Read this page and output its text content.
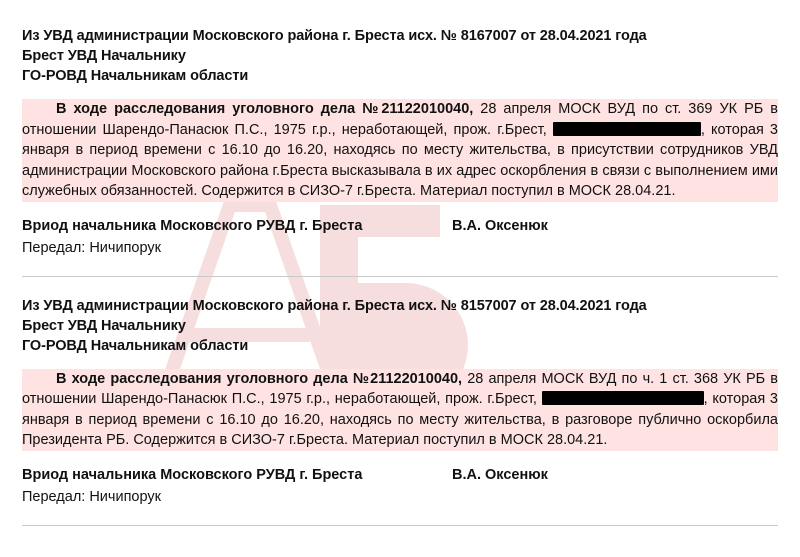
Из УВД администрации Московского района г. Бреста исх. № 8167007 от 28.04.2021 года
Брест УВД Начальнику
ГО-РОВД Начальникам области
В ходе расследования уголовного дела №21122010040, 28 апреля МОСК ВУД по ст. 369 УК РБ в отношении Шарендо-Панасюк П.С., 1975 г.р., неработающей, прож. г.Брест,	, которая 3 января в период времени с 16.10 до 16.20, находяcь по месту жительства, в присутствии сотрудников УВД администрации Московского района г.Бреста высказывала в их адрес оскорбления в связи с выполнением ими служебных обязанностей. Содержится в СИЗО-7 г.Бреста. Материал поступил в МОСК 28.04.21.
Вриод начальника Московского РУВД г. Бреста	В.А. Оксенюк
Передал: Ничипорук
Из УВД администрации Московского района г. Бреста исх. № 8157007 от 28.04.2021 года
Брест УВД Начальнику
ГО-РОВД Начальникам области
В ходе расследования уголовного дела №21122010040, 28 апреля МОСК ВУД по ч. 1 ст. 368 УК РБ в отношении Шарендо-Панасюк П.С., 1975 г.р., неработающей, прож. г.Брест,	, которая 3 января в период времени с 16.10 до 16.20, находяcь по месту жительства, в разговоре публично оскорбила Президента РБ. Содержится в СИЗО-7 г.Бреста. Материал поступил в МОСК 28.04.21.
Вриод начальника Московского РУВД г. Бреста	В.А. Оксенюк
Передал: Ничипорук
